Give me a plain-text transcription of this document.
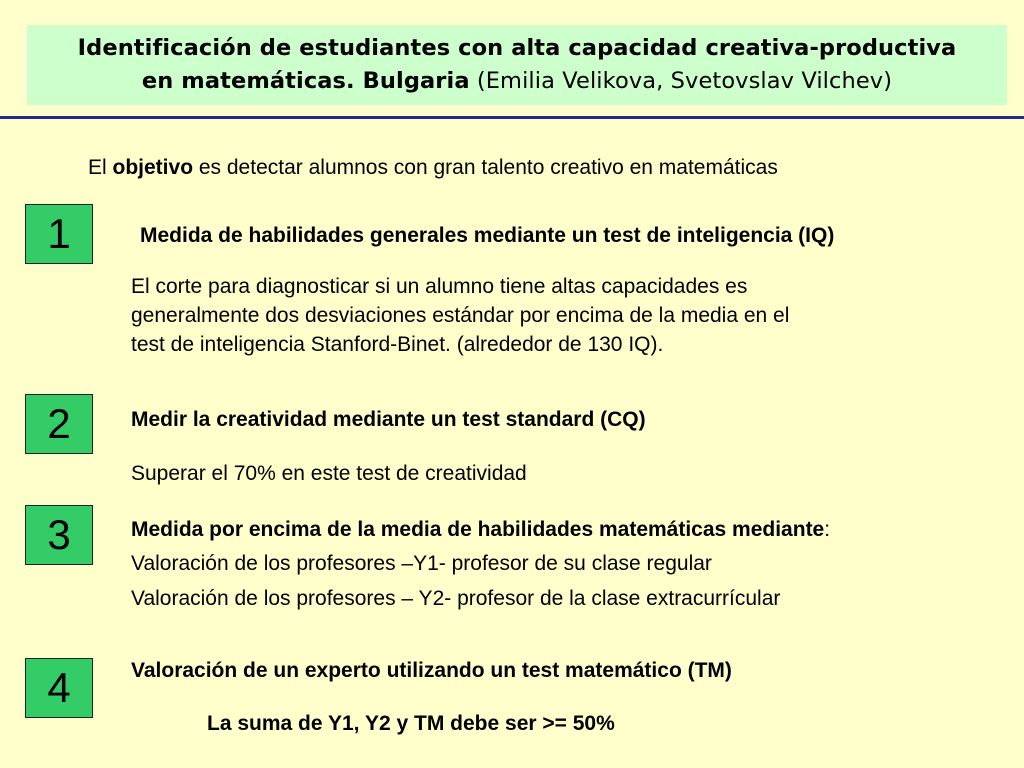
Identificación de estudiantes con alta capacidad creativa-productiva
en matemáticas. Bulgaria (Emilia Velikova, Svetovslav Vilchev)
El objetivo es detectar alumnos con gran talento creativo en matemáticas
1	Medida de habilidades generales mediante un test de inteligencia (IQ)
El corte para diagnosticar si un alumno tiene altas capacidades es
generalmente dos desviaciones estándar por encima de la media en el
test de inteligencia Stanford-Binet. (alrededor de 130 IQ).
2	Medir la creatividad mediante un test standard (CQ)
Superar el 70% en este test de creatividad
3	Medida por encima de la media de habilidades matemáticas mediante:
Valoración de los profesores –Y1- profesor de su clase regular
Valoración de los profesores – Y2- profesor de la clase extracurrícular
4	Valoración de un experto utilizando un test matemático (TM)
La suma de Y1, Y2 y TM debe ser >= 50%
